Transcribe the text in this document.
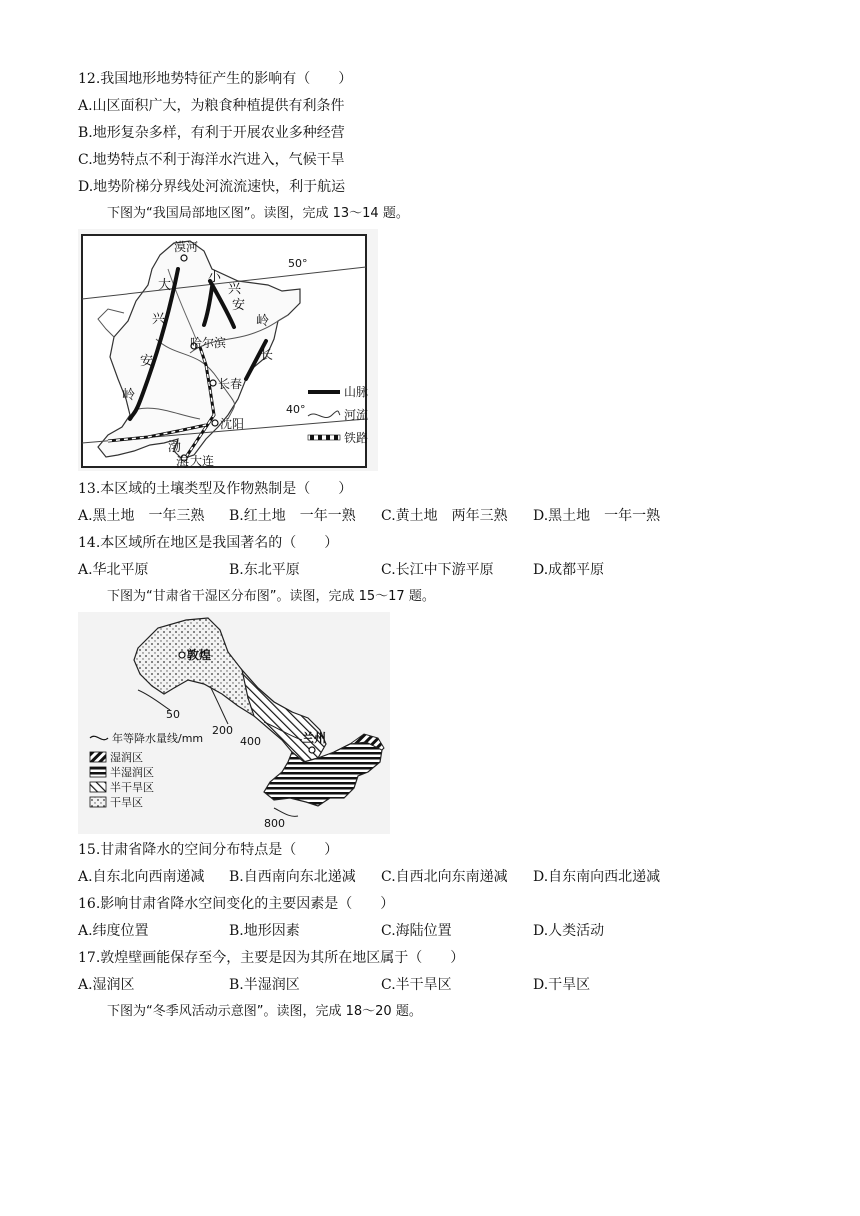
12.我国地形地势特征产生的影响有（　　）
A.山区面积广大，为粮食种植提供有利条件
B.地形复杂多样，有利于开展农业多种经营
C.地势特点不利于海洋水汽进入，气候干旱
D.地势阶梯分界线处河流流速快，利于航运
下图为“我国局部地区图”。读图，完成 13～14 题。
漠河
哈尔滨
长春
沈阳
大连
大
兴
安
岭
小
兴
安
岭
长
渤
海
50°
40°
山脉
河流
铁路
13.本区域的土壤类型及作物熟制是（　　）
A.黑土地　一年三熟 B.红土地　一年一熟 C.黄土地　两年三熟 D.黑土地　一年一熟
14.本区域所在地区是我国著名的（　　）
A.华北平原	B.东北平原	C.长江中下游平原	D.成都平原
下图为“甘肃省干湿区分布图”。读图，完成 15～17 题。
敦煌
兰州
50
200
400
800
年等降水量线/mm
湿润区
半湿润区
半干旱区
干旱区
15.甘肃省降水的空间分布特点是（　　）
A.自东北向西南递减 B.自西南向东北递减 C.自西北向东南递减 D.自东南向西北递减
16.影响甘肃省降水空间变化的主要因素是（　　）
A.纬度位置	B.地形因素	C.海陆位置	D.人类活动
17.敦煌壁画能保存至今，主要是因为其所在地区属于（　　）
A.湿润区	B.半湿润区	C.半干旱区	D.干旱区
下图为“冬季风活动示意图”。读图，完成 18～20 题。
